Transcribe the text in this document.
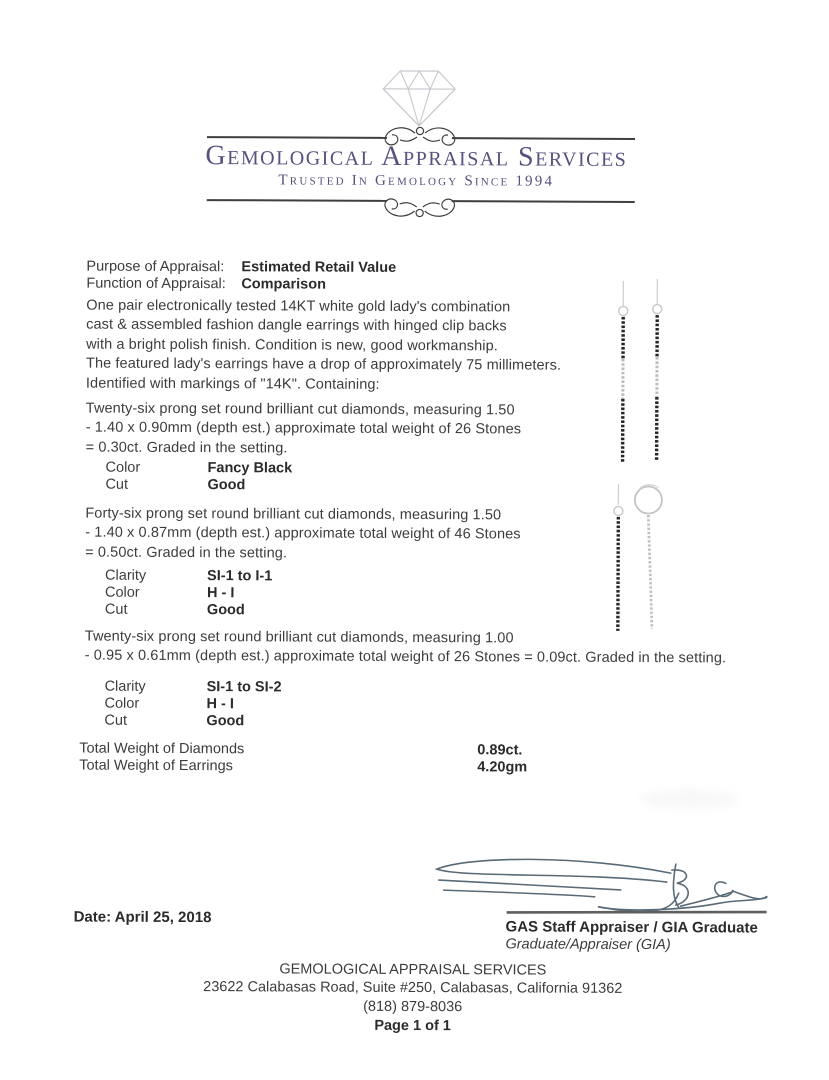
Gemological Appraisal Services
Trusted In Gemology Since 1994
Purpose of Appraisal:	Estimated Retail Value
Function of Appraisal:	Comparison
One pair electronically tested 14KT white gold lady's combination
cast & assembled fashion dangle earrings with hinged clip backs
with a bright polish finish. Condition is new, good workmanship.
The featured lady's earrings have a drop of approximately 75 millimeters.
Identified with markings of "14K". Containing:
Twenty-six prong set round brilliant cut diamonds, measuring 1.50
- 1.40 x 0.90mm (depth est.) approximate total weight of 26 Stones
= 0.30ct. Graded in the setting.
Color	Fancy Black
Cut	Good
Forty-six prong set round brilliant cut diamonds, measuring 1.50
- 1.40 x 0.87mm (depth est.) approximate total weight of 46 Stones
= 0.50ct. Graded in the setting.
Clarity	SI-1 to I-1
Color	H - I
Cut	Good
Twenty-six prong set round brilliant cut diamonds, measuring 1.00
- 0.95 x 0.61mm (depth est.) approximate total weight of 26 Stones = 0.09ct. Graded in the setting.
Clarity	SI-1 to SI-2
Color	H - I
Cut	Good
Total Weight of Diamonds	0.89ct.
Total Weight of Earrings	4.20gm
Date: April 25, 2018
GAS Staff Appraiser / GIA Graduate
Graduate/Appraiser (GIA)
GEMOLOGICAL APPRAISAL SERVICES
23622 Calabasas Road, Suite #250, Calabasas, California 91362
(818) 879-8036
Page 1 of 1
